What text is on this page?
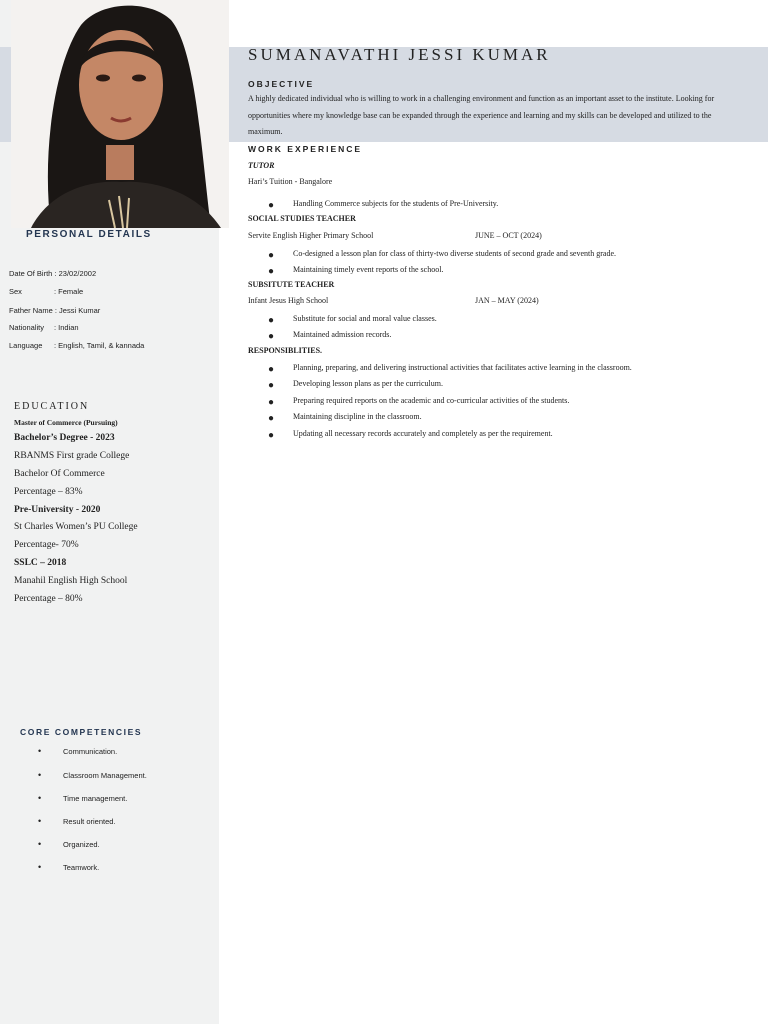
PERSONAL DETAILS
Date Of Birth : 23/02/2002
Sex              : Female
Father Name : Jessi Kumar
Nationality    : Indian
Language       : English, Tamil, & kannada
EDUCATION
Master of Commerce (Pursuing)
Bachelor’s Degree - 2023
RBANMS First grade College
Bachelor Of Commerce
Percentage – 83%
Pre-University - 2020
St Charles Women’s PU College
Percentage- 70%
SSLC – 2018
Manahil English High School
Percentage – 80%
CORE COMPETENCIES
•	Communication.
•	Classroom Management.
•	Time management.
•	Result oriented.
•	Organized.
•	Teamwork.
SUMANAVATHI JESSI KUMAR
OBJECTIVE
A highly dedicated individual who is willing to work in a challenging environment and function as an important asset to the institute. Looking for opportunities where my knowledge base can be expanded through the experience and learning and my skills can be developed and utilized to the maximum.
WORK EXPERIENCE
TUTOR
Hari’s Tuition - Bangalore
● Handling Commerce subjects for the students of Pre-University.
SOCIAL STUDIES TEACHER
Servite English Higher Primary School	JUNE – OCT (2024)
● Co-designed a lesson plan for class of thirty-two diverse students of second grade and seventh grade.
● Maintaining timely event reports of the school.
SUBSITUTE TEACHER
Infant Jesus High School	JAN – MAY (2024)
● Substitute for social and moral value classes.
● Maintained admission records.
RESPONSIBLITIES.
● Planning, preparing, and delivering instructional activities that facilitates active learning in the classroom.
● Developing lesson plans as per the curriculum.
● Preparing required reports on the academic and co-curricular activities of the students.
● Maintaining discipline in the classroom.
● Updating all necessary records accurately and completely as per the requirement.
